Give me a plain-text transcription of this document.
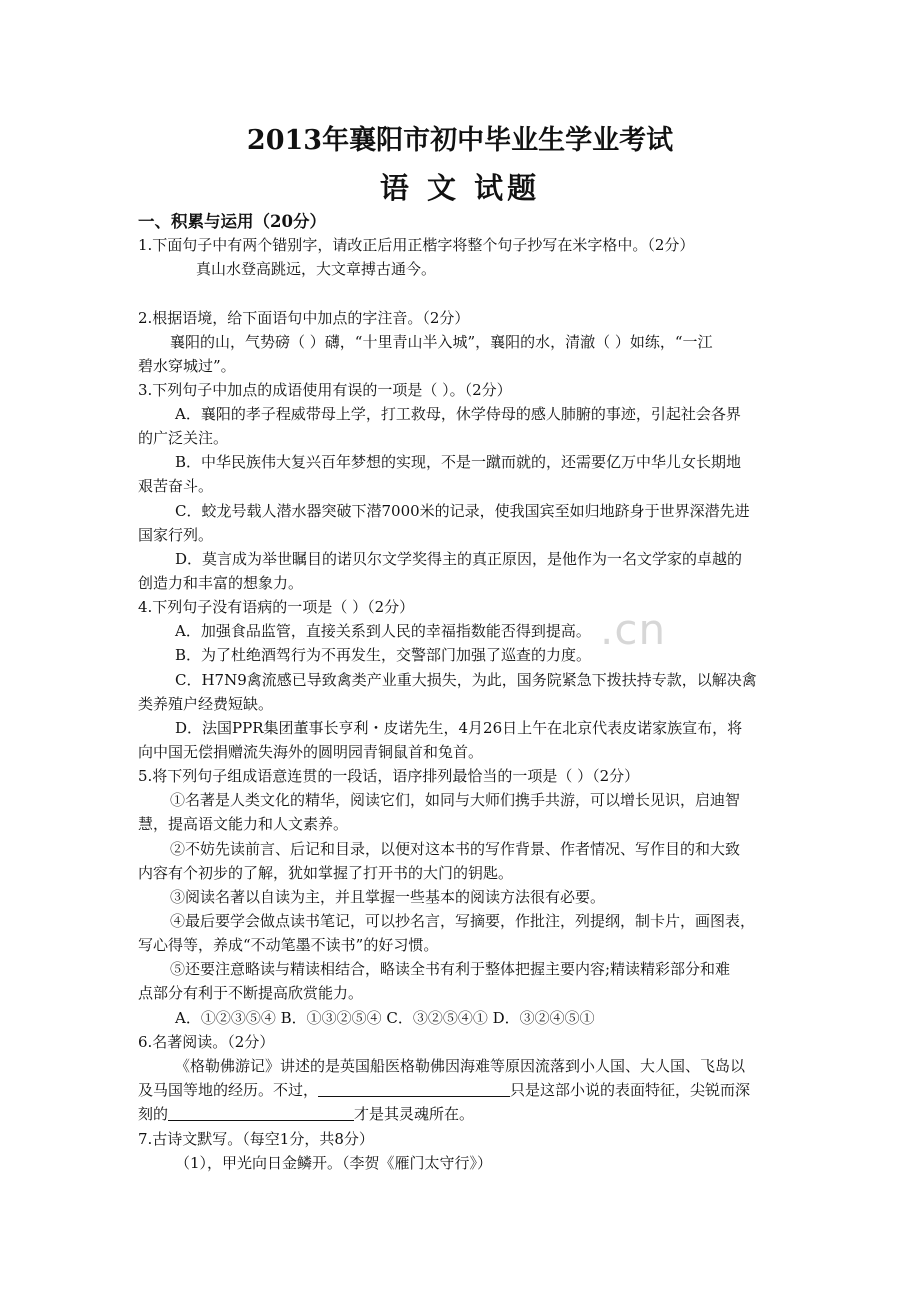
2013年襄阳市初中毕业生学业考试
语 文 试题
一、积累与运用（20分）
.cn
1.下面句子中有两个错别字，请改正后用正楷字将整个句子抄写在米字格中。（2分）
真山水登高跳远，大文章搏古通今。
2.根据语境，给下面语句中加点的字注音。（2分）
襄阳的山，气势磅（ ）礴，“十里青山半入城”，襄阳的水，清澈（ ）如练，“一江
碧水穿城过”。
3.下列句子中加点的成语使用有误的一项是（ ）。（2分）
A．襄阳的孝子程威带母上学，打工救母，休学侍母的感人肺腑的事迹，引起社会各界
的广泛关注。
B．中华民族伟大复兴百年梦想的实现，不是一蹴而就的，还需要亿万中华儿女长期地
艰苦奋斗。
C．蛟龙号载人潜水器突破下潜7000米的记录，使我国宾至如归地跻身于世界深潜先进
国家行列。
D．莫言成为举世瞩目的诺贝尔文学奖得主的真正原因，是他作为一名文学家的卓越的
创造力和丰富的想象力。
4.下列句子没有语病的一项是（ ）（2分）
A．加强食品监管，直接关系到人民的幸福指数能否得到提高。
B．为了杜绝酒驾行为不再发生，交警部门加强了巡查的力度。
C．H7N9禽流感已导致禽类产业重大损失，为此，国务院紧急下拨扶持专款，以解决禽
类养殖户经费短缺。
D．法国PPR集团董事长亨利・皮诺先生，4月26日上午在北京代表皮诺家族宣布，将
向中国无偿捐赠流失海外的圆明园青铜鼠首和兔首。
5.将下列句子组成语意连贯的一段话，语序排列最恰当的一项是（ ）（2分）
①名著是人类文化的精华，阅读它们，如同与大师们携手共游，可以增长见识，启迪智
慧，提高语文能力和人文素养。
②不妨先读前言、后记和目录，以便对这本书的写作背景、作者情况、写作目的和大致
内容有个初步的了解，犹如掌握了打开书的大门的钥匙。
③阅读名著以自读为主，并且掌握一些基本的阅读方法很有必要。
④最后要学会做点读书笔记，可以抄名言，写摘要，作批注，列提纲，制卡片，画图表，
写心得等，养成“不动笔墨不读书”的好习惯。
⑤还要注意略读与精读相结合，略读全书有利于整体把握主要内容;精读精彩部分和难
点部分有利于不断提高欣赏能力。
A．①②③⑤④ B．①③②⑤④ C．③②⑤④① D．③②④⑤①
6.名著阅读。（2分）
《格勒佛游记》讲述的是英国船医格勒佛因海难等原因流落到小人国、大人国、飞岛以
及马国等地的经历。不过，	只是这部小说的表面特征，尖锐而深
刻的	才是其灵魂所在。
7.古诗文默写。（每空1分，共8分）
（1），甲光向日金鳞开。（李贺《雁门太守行》）
